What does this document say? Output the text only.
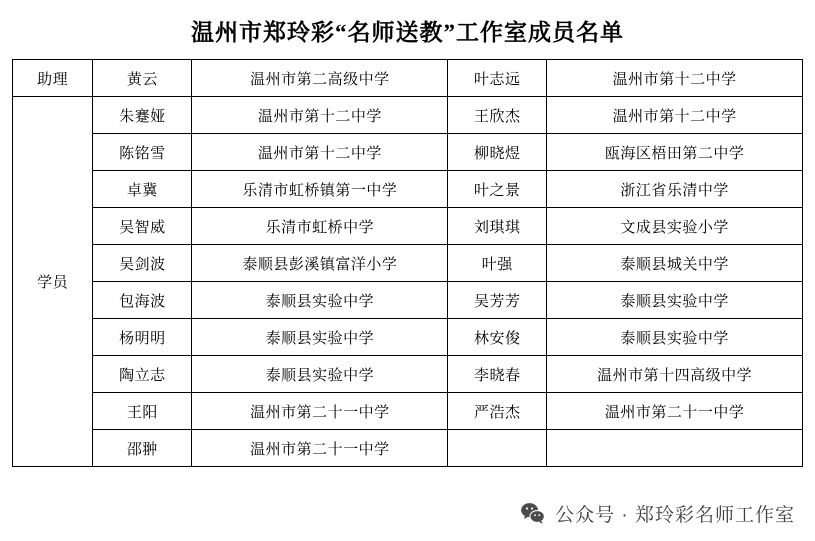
温州市郑玲彩“名师送教”工作室成员名单
助理	黄云	温州市第二高级中学	叶志远	温州市第十二中学
学员	朱蹇娅	温州市第十二中学	王欣杰	温州市第十二中学
	陈铭雪	温州市第十二中学	柳晓煜	瓯海区梧田第二中学
	卓冀	乐清市虹桥镇第一中学	叶之景	浙江省乐清中学
	吴智威	乐清市虹桥中学	刘琪琪	文成县实验小学
	吴剑波	泰顺县彭溪镇富洋小学	叶强	泰顺县城关中学
	包海波	泰顺县实验中学	吴芳芳	泰顺县实验中学
	杨明明	泰顺县实验中学	林安俊	泰顺县实验中学
	陶立志	泰顺县实验中学	李晓春	温州市第十四高级中学
	王阳	温州市第二十一中学	严浩杰	温州市第二十一中学
	邵翀	温州市第二十一中学		
公众号 · 郑玲彩名师工作室
